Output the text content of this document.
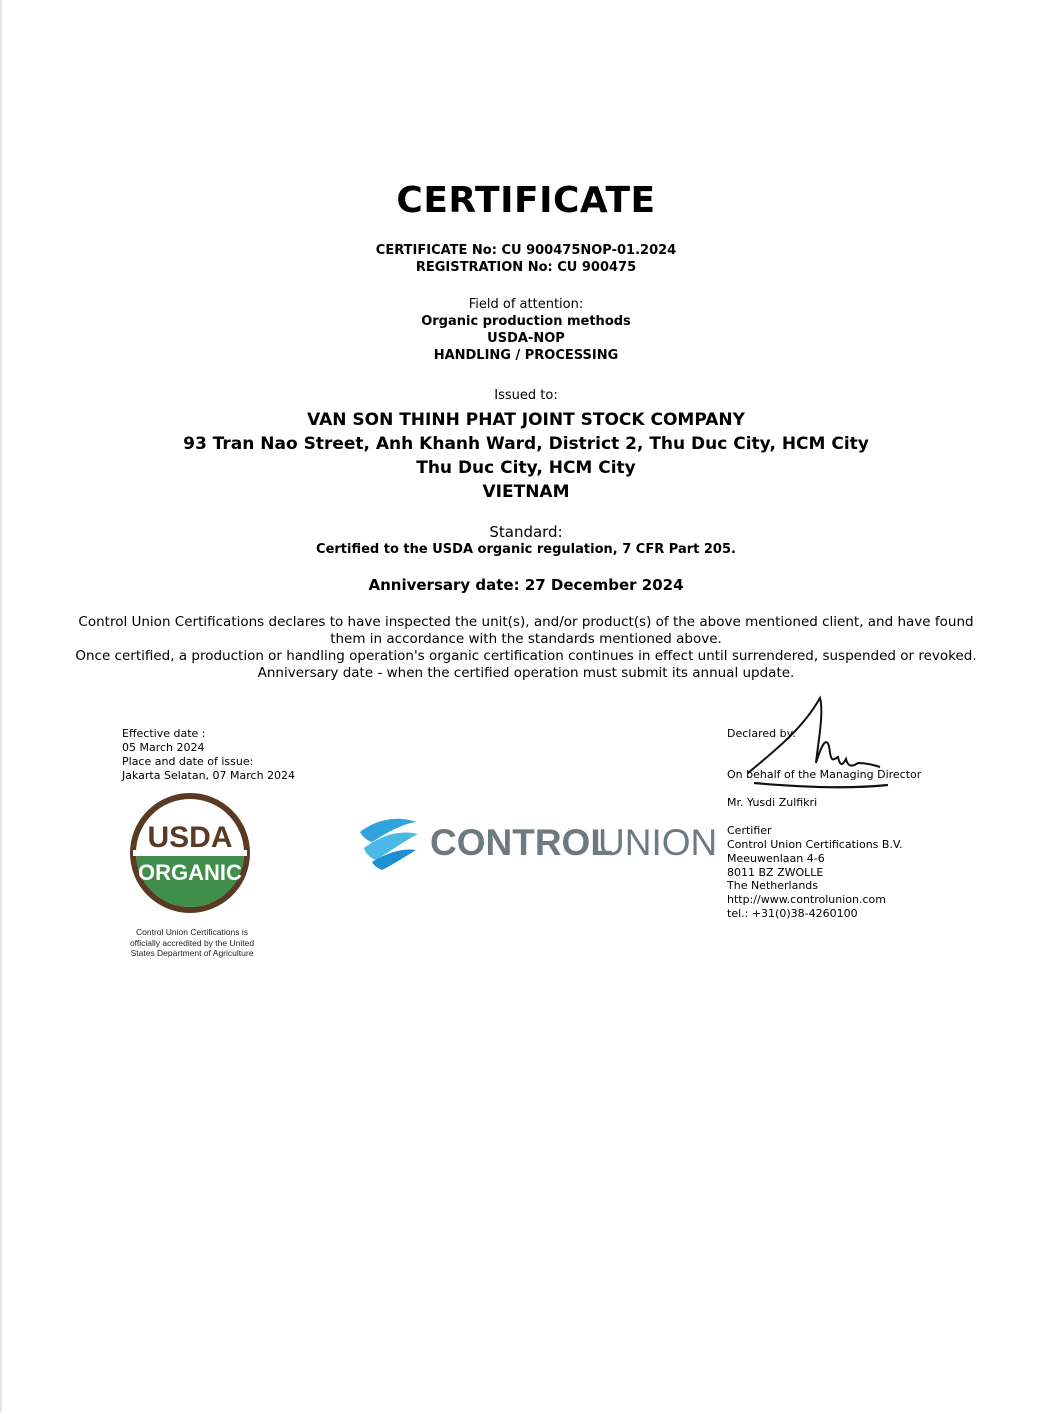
CERTIFICATE
CERTIFICATE No: CU 900475NOP-01.2024
REGISTRATION No: CU 900475
Field of attention:
Organic production methods
USDA-NOP
HANDLING / PROCESSING
Issued to:
VAN SON THINH PHAT JOINT STOCK COMPANY
93 Tran Nao Street, Anh Khanh Ward, District 2, Thu Duc City, HCM City
Thu Duc City, HCM City
VIETNAM
Standard:
Certified to the USDA organic regulation, 7 CFR Part 205.
Anniversary date: 27 December 2024
Control Union Certifications declares to have inspected the unit(s), and/or product(s) of the above mentioned client, and have found
them in accordance with the standards mentioned above.
Once certified, a production or handling operation's organic certification continues in effect until surrendered, suspended or revoked.
Anniversary date - when the certified operation must submit its annual update.
Effective date :
05 March 2024
Place and date of issue:
Jakarta Selatan, 07 March 2024
USDA
ORGANIC
Control Union Certifications is
officially accredited by the United
States Department of Agriculture
CONTROL
UNION
Declared by:
On behalf of the Managing Director
Mr. Yusdi Zulfikri
Certifier
Control Union Certifications B.V.
Meeuwenlaan 4-6
8011 BZ ZWOLLE
The Netherlands
http://www.controlunion.com
tel.: +31(0)38-4260100
